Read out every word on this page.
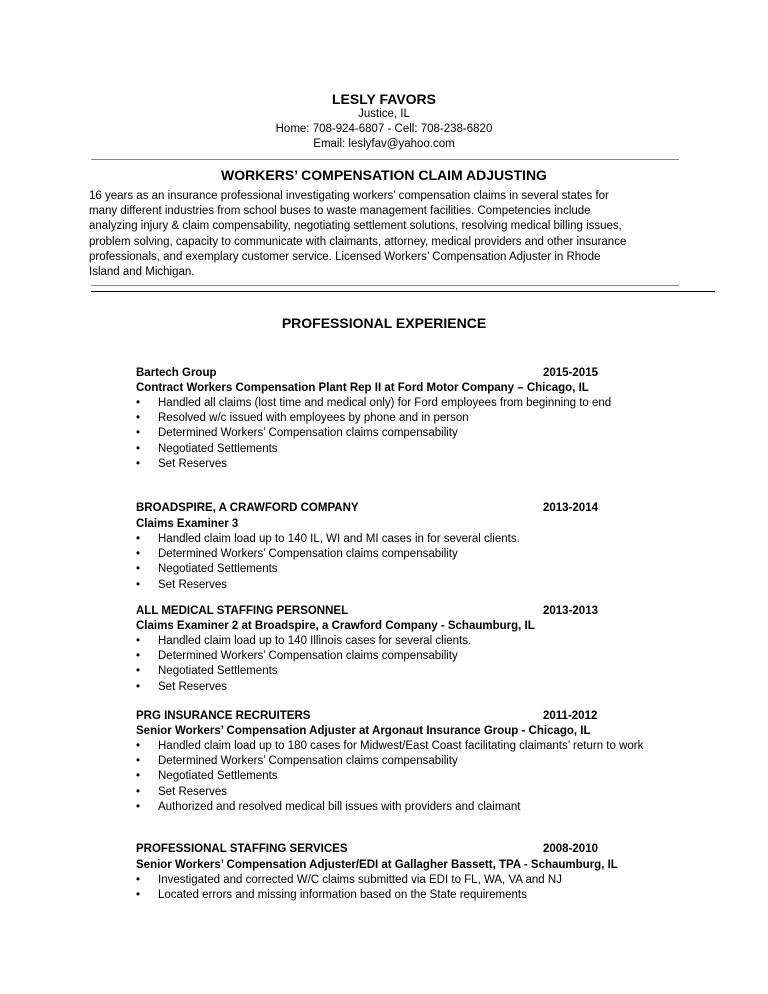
LESLY FAVORS
Justice, IL
Home: 708-924-6807 - Cell: 708-238-6820
Email: leslyfav@yahoo.com
WORKERS’ COMPENSATION CLAIM ADJUSTING
16 years as an insurance professional investigating workers’ compensation claims in several states for
many different industries from school buses to waste management facilities. Competencies include
analyzing injury & claim compensability, negotiating settlement solutions, resolving medical billing issues,
problem solving, capacity to communicate with claimants, attorney, medical providers and other insurance
professionals, and exemplary customer service. Licensed Workers’ Compensation Adjuster in Rhode
Island and Michigan.
PROFESSIONAL EXPERIENCE
Bartech Group	2015-2015
Contract Workers Compensation Plant Rep II at Ford Motor Company – Chicago, IL
• Handled all claims (lost time and medical only) for Ford employees from beginning to end
• Resolved w/c issued with employees by phone and in person
• Determined Workers’ Compensation claims compensability
• Negotiated Settlements
• Set Reserves
BROADSPIRE, A CRAWFORD COMPANY	2013-2014
Claims Examiner 3
• Handled claim load up to 140 IL, WI and MI cases in for several clients.
• Determined Workers’ Compensation claims compensability
• Negotiated Settlements
• Set Reserves
ALL MEDICAL STAFFING PERSONNEL	2013-2013
Claims Examiner 2 at Broadspire, a Crawford Company - Schaumburg, IL
• Handled claim load up to 140 Illinois cases for several clients.
• Determined Workers’ Compensation claims compensability
• Negotiated Settlements
• Set Reserves
PRG INSURANCE RECRUITERS	2011-2012
Senior Workers’ Compensation Adjuster at Argonaut Insurance Group - Chicago, IL
• Handled claim load up to 180 cases for Midwest/East Coast facilitating claimants’ return to work
• Determined Workers’ Compensation claims compensability
• Negotiated Settlements
• Set Reserves
• Authorized and resolved medical bill issues with providers and claimant
PROFESSIONAL STAFFING SERVICES	2008-2010
Senior Workers’ Compensation Adjuster/EDI at Gallagher Bassett, TPA - Schaumburg, IL
• Investigated and corrected W/C claims submitted via EDI to FL, WA, VA and NJ
• Located errors and missing information based on the State requirements
